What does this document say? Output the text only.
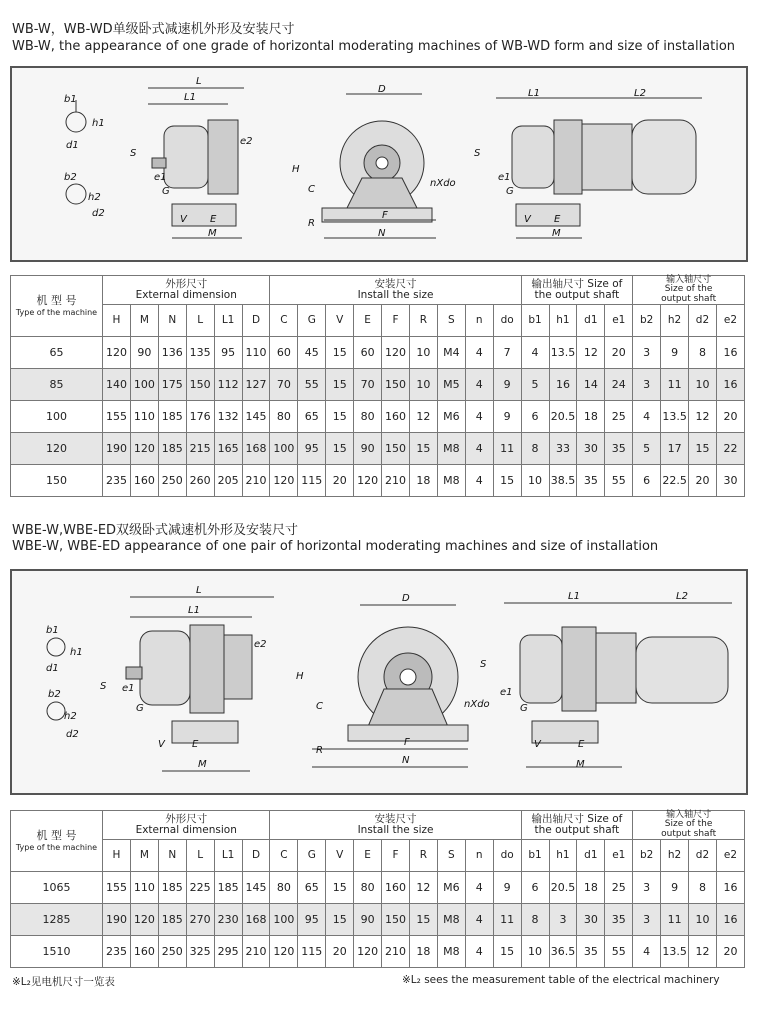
WB-W，WB-WD单级卧式减速机外形及安装尺寸
WB-W, the appearance of one grade of horizontal moderating machines of WB-WD form and size of installation
b1
h1
d1
b2
h2
d2
L
L1
e2
S
e1
G
V E
M
D
H
C
R
F
N
nXdo
L1	L2
S
e1
G
V E
M
机 型 号
Type of the machine	外形尺寸
External dimension						安装尺寸
Install the size									输出轴尺寸 Size of
the output shaft				输入轴尺寸
Size of the
output shaft			
	H	M	N	L	L1	D	C	G	V	E	F	R	S	n	do	b1	h1	d1	e1	b2	h2	d2	e2
65	120	90	136	135	95	110	60	45	15	60	120	10	M4	4	7	4	13.5	12	20	3	9	8	16
85	140	100	175	150	112	127	70	55	15	70	150	10	M5	4	9	5	16	14	24	3	11	10	16
100	155	110	185	176	132	145	80	65	15	80	160	12	M6	4	9	6	20.5	18	25	4	13.5	12	20
120	190	120	185	215	165	168	100	95	15	90	150	15	M8	4	11	8	33	30	35	5	17	15	22
150	235	160	250	260	205	210	120	115	20	120	210	18	M8	4	15	10	38.5	35	55	6	22.5	20	30
WBE-W,WBE-ED双级卧式减速机外形及安装尺寸
WBE-W, WBE-ED appearance of one pair of horizontal moderating machines and size of installation
L
L1
b1
h1
d1
b2
h2
d2
e2
S e1
G
V	E
M
D
H
C
R
F
N
nXdo
L1	L2
S
e1
G
V	E
M
机 型 号
Type of the machine	外形尺寸
External dimension						安装尺寸
Install the size									输出轴尺寸 Size of
the output shaft				输入轴尺寸
Size of the
output shaft			
	H	M	N	L	L1	D	C	G	V	E	F	R	S	n	do	b1	h1	d1	e1	b2	h2	d2	e2
1065	155	110	185	225	185	145	80	65	15	80	160	12	M6	4	9	6	20.5	18	25	3	9	8	16
1285	190	120	185	270	230	168	100	95	15	90	150	15	M8	4	11	8	3	30	35	3	11	10	16
1510	235	160	250	325	295	210	120	115	20	120	210	18	M8	4	15	10	36.5	35	55	4	13.5	12	20
※L₂见电机尺寸一览表	※L₂ sees the measurement table of the electrical machinery
